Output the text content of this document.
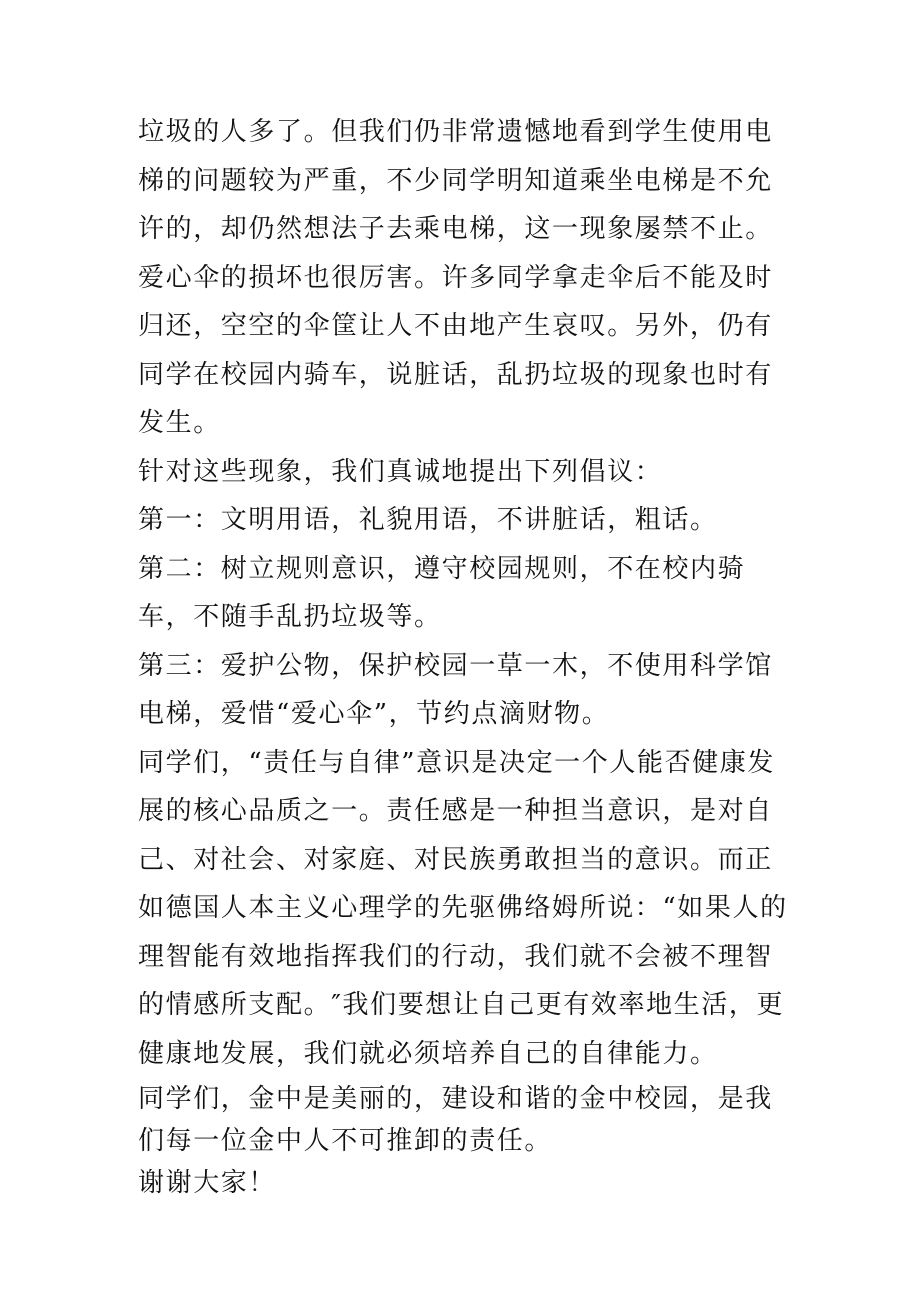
垃圾的人多了。但我们仍非常遗憾地看到学生使用电梯的问题较为严重，不少同学明知道乘坐电梯是不允许的，却仍然想法子去乘电梯，这一现象屡禁不止。爱心伞的损坏也很厉害。许多同学拿走伞后不能及时归还，空空的伞筐让人不由地产生哀叹。另外，仍有同学在校园内骑车，说脏话，乱扔垃圾的现象也时有发生。

针对这些现象，我们真诚地提出下列倡议：

第一：文明用语，礼貌用语，不讲脏话，粗话。

第二：树立规则意识，遵守校园规则，不在校内骑车，不随手乱扔垃圾等。

第三：爱护公物，保护校园一草一木，不使用科学馆电梯，爱惜“爱心伞”，节约点滴财物。

同学们，“责任与自律”意识是决定一个人能否健康发展的核心品质之一。责任感是一种担当意识，是对自己、对社会、对家庭、对民族勇敢担当的意识。而正如德国人本主义心理学的先驱佛络姆所说：“如果人的理智能有效地指挥我们的行动，我们就不会被不理智的情感所支配。″我们要想让自己更有效率地生活，更健康地发展，我们就必须培养自己的自律能力。

同学们，金中是美丽的，建设和谐的金中校园，是我们每一位金中人不可推卸的责任。

谢谢大家！
